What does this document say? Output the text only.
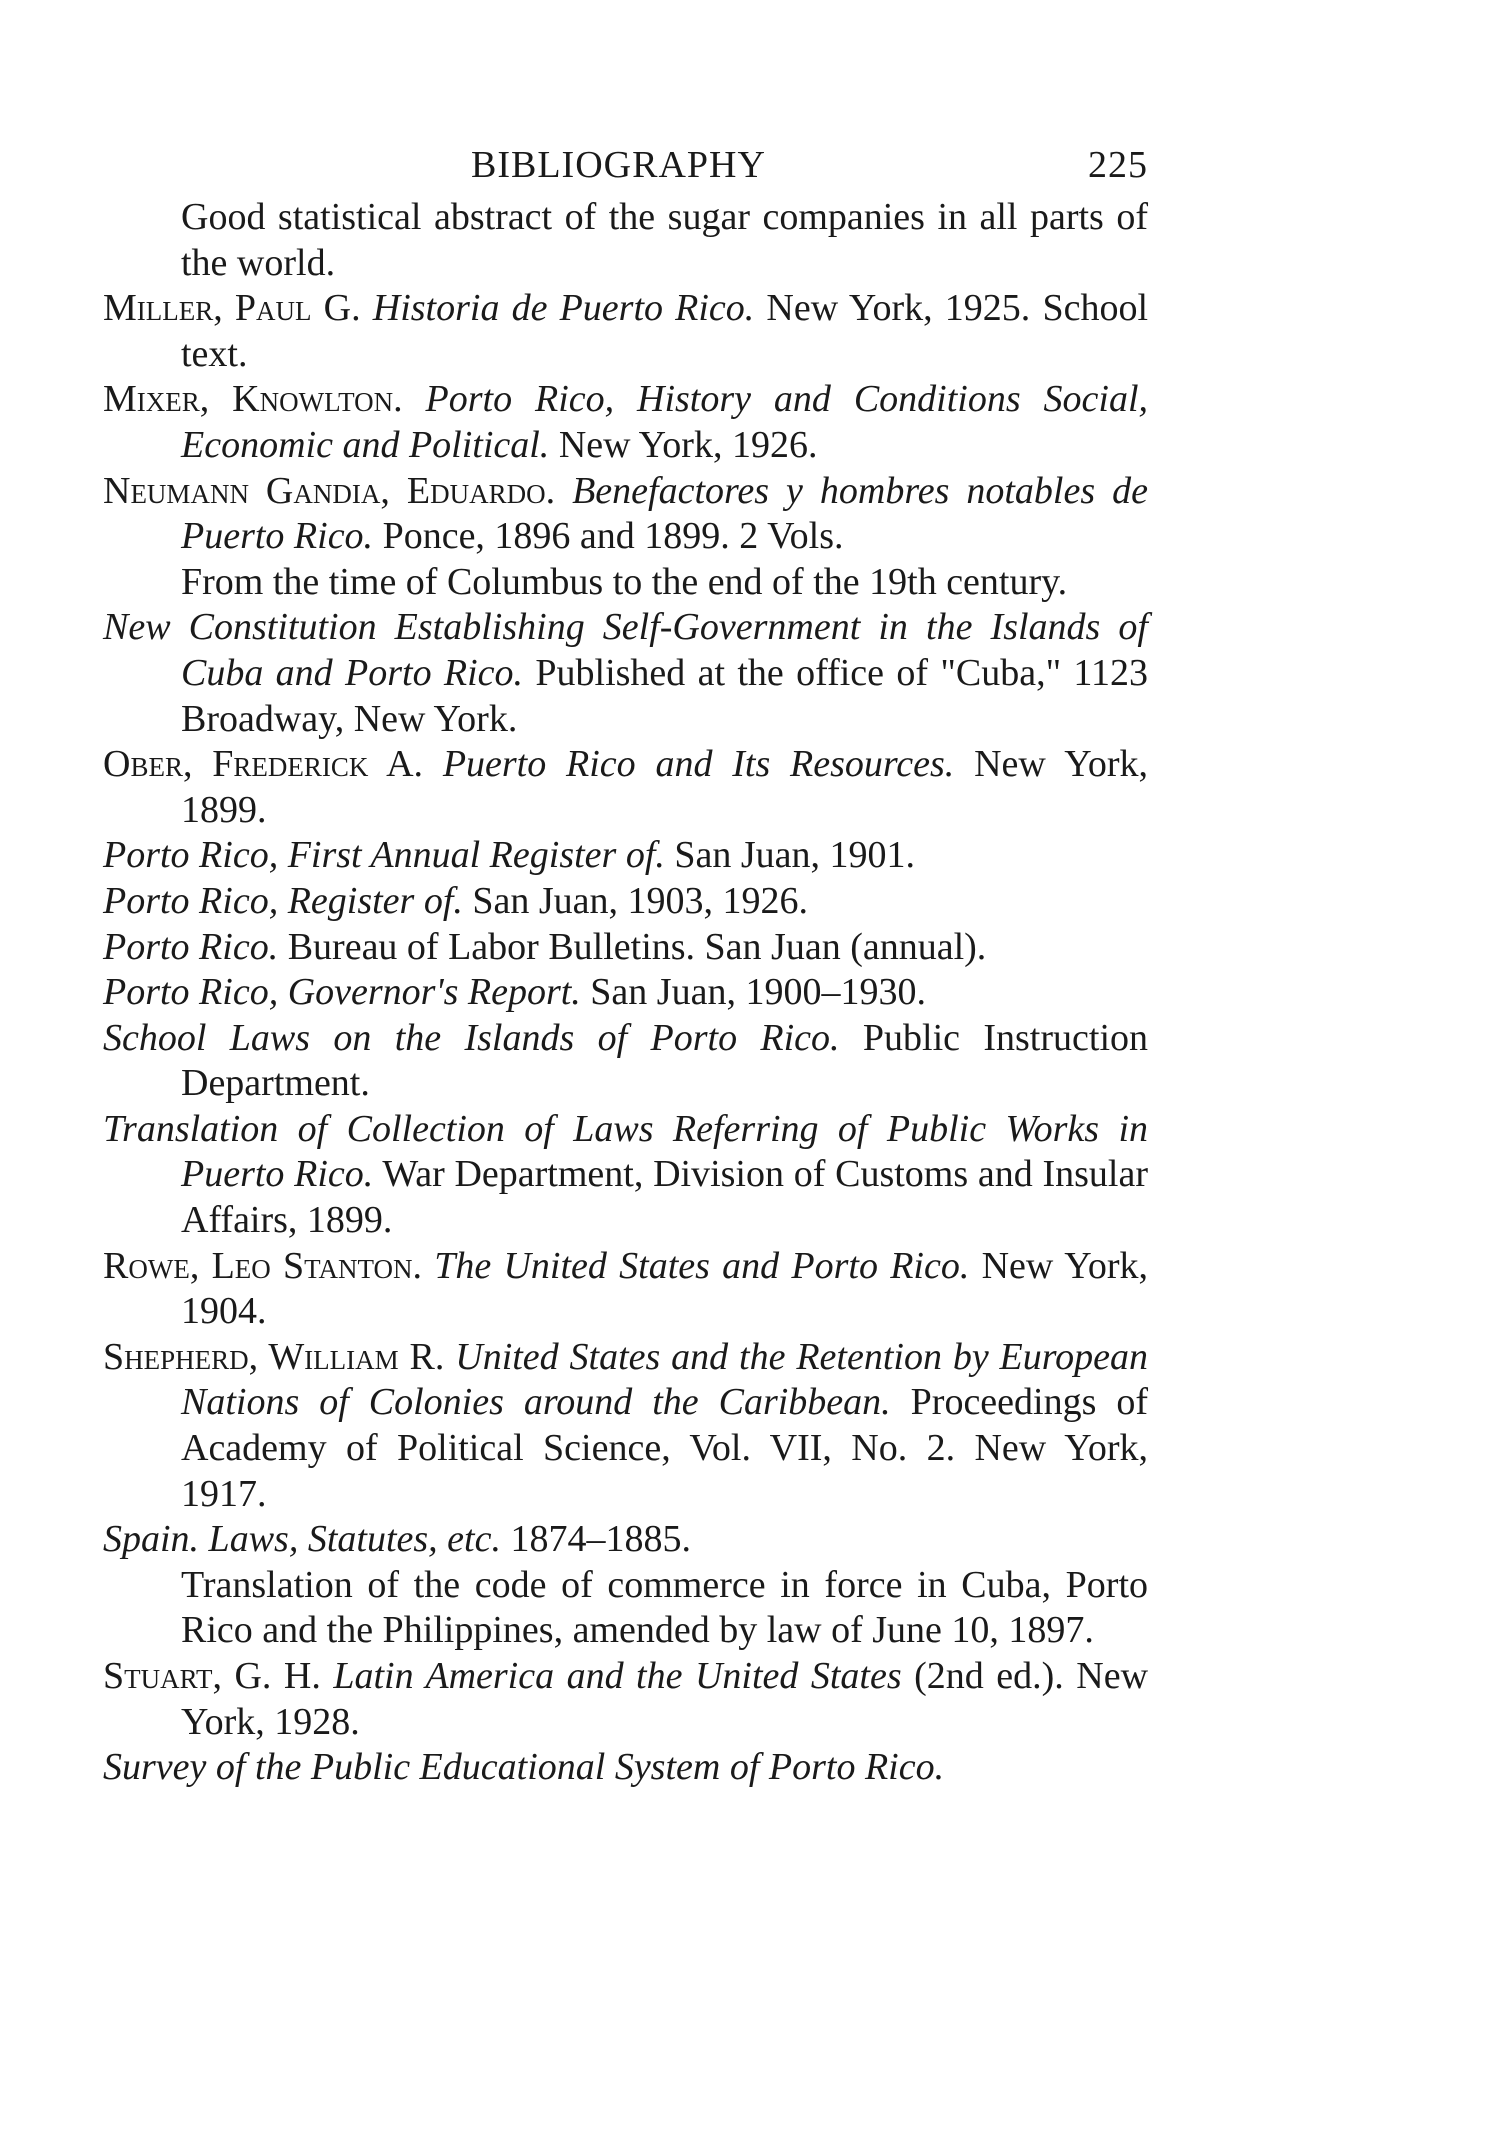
BIBLIOGRAPHY	225

Good statistical abstract of the sugar companies in all parts of the world.

Miller, Paul G. Historia de Puerto Rico. New York, 1925. School text.

Mixer, Knowlton. Porto Rico, History and Conditions Social, Economic and Political. New York, 1926.

Neumann Gandia, Eduardo. Benefactores y hombres notables de Puerto Rico. Ponce, 1896 and 1899. 2 Vols.

From the time of Columbus to the end of the 19th century.

New Constitution Establishing Self-Government in the Islands of Cuba and Porto Rico. Published at the office of "Cuba," 1123 Broadway, New York.

Ober, Frederick A. Puerto Rico and Its Resources. New York, 1899.

Porto Rico, First Annual Register of. San Juan, 1901.

Porto Rico, Register of. San Juan, 1903, 1926.

Porto Rico. Bureau of Labor Bulletins. San Juan (annual).

Porto Rico, Governor's Report. San Juan, 1900–1930.

School Laws on the Islands of Porto Rico. Public Instruction Department.

Translation of Collection of Laws Referring of Public Works in Puerto Rico. War Department, Division of Customs and Insular Affairs, 1899.

Rowe, Leo Stanton. The United States and Porto Rico. New York, 1904.

Shepherd, William R. United States and the Retention by European Nations of Colonies around the Caribbean. Proceedings of Academy of Political Science, Vol. VII, No. 2. New York, 1917.

Spain. Laws, Statutes, etc. 1874–1885.

Translation of the code of commerce in force in Cuba, Porto Rico and the Philippines, amended by law of June 10, 1897.

Stuart, G. H. Latin America and the United States (2nd ed.). New York, 1928.

Survey of the Public Educational System of Porto Rico.
